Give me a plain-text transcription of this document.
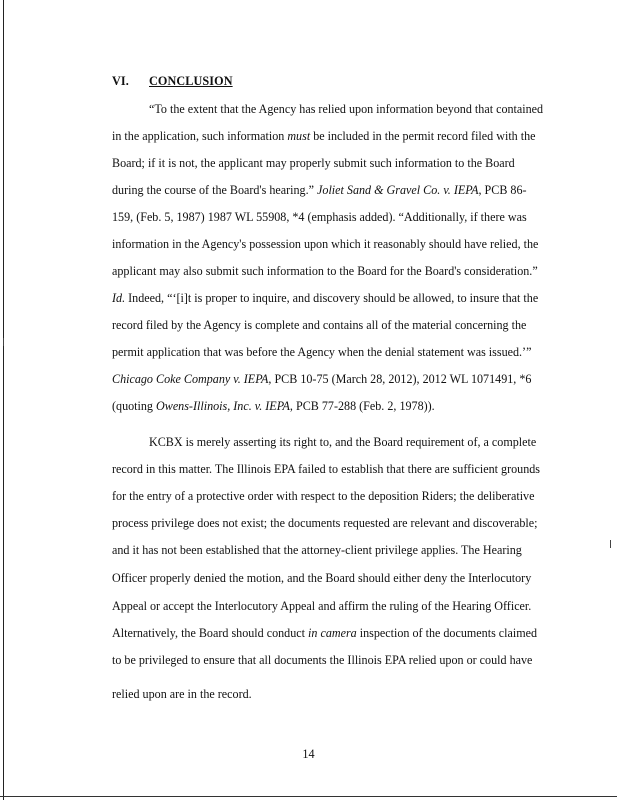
VI. CONCLUSION
“To the extent that the Agency has relied upon information beyond that contained
in the application, such information must be included in the permit record filed with the
Board; if it is not, the applicant may properly submit such information to the Board
during the course of the Board's hearing.” Joliet Sand & Gravel Co. v. IEPA, PCB 86-
159, (Feb. 5, 1987) 1987 WL 55908, *4 (emphasis added). “Additionally, if there was
information in the Agency's possession upon which it reasonably should have relied, the
applicant may also submit such information to the Board for the Board's consideration.”
Id. Indeed, “‘[i]t is proper to inquire, and discovery should be allowed, to insure that the
record filed by the Agency is complete and contains all of the material concerning the
permit application that was before the Agency when the denial statement was issued.’”
Chicago Coke Company v. IEPA, PCB 10-75 (March 28, 2012), 2012 WL 1071491, *6
(quoting Owens-Illinois, Inc. v. IEPA, PCB 77-288 (Feb. 2, 1978)).
KCBX is merely asserting its right to, and the Board requirement of, a complete
record in this matter. The Illinois EPA failed to establish that there are sufficient grounds
for the entry of a protective order with respect to the deposition Riders; the deliberative
process privilege does not exist; the documents requested are relevant and discoverable;
and it has not been established that the attorney-client privilege applies. The Hearing
Officer properly denied the motion, and the Board should either deny the Interlocutory
Appeal or accept the Interlocutory Appeal and affirm the ruling of the Hearing Officer.
Alternatively, the Board should conduct in camera inspection of the documents claimed
to be privileged to ensure that all documents the Illinois EPA relied upon or could have
relied upon are in the record.
14
